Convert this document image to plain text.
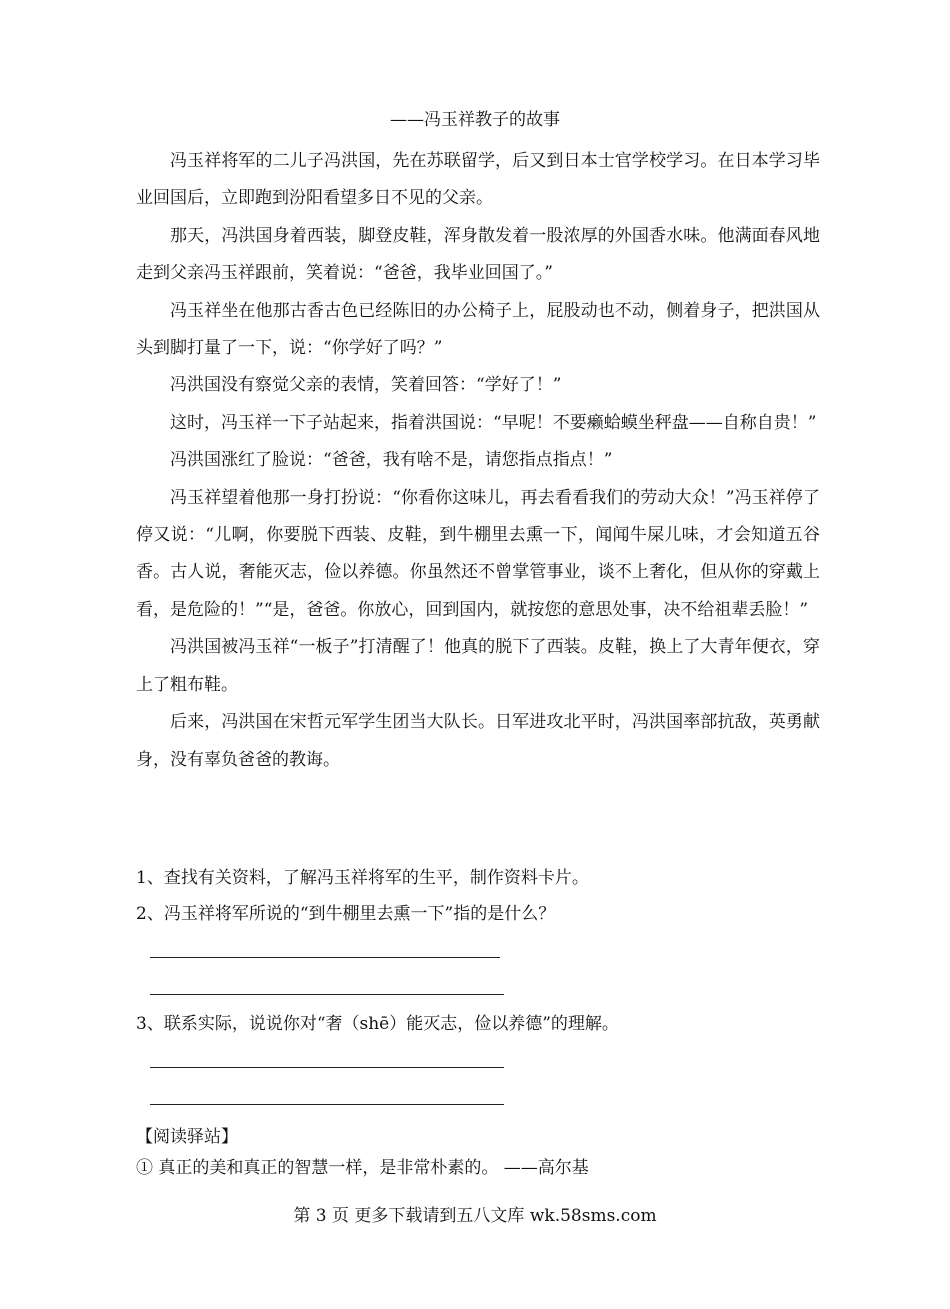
——冯玉祥教子的故事

冯玉祥将军的二儿子冯洪国，先在苏联留学，后又到日本士官学校学习。在日本学习毕业回国后，立即跑到汾阳看望多日不见的父亲。

那天，冯洪国身着西装，脚登皮鞋，浑身散发着一股浓厚的外国香水味。他满面春风地走到父亲冯玉祥跟前，笑着说：“爸爸，我毕业回国了。”

冯玉祥坐在他那古香古色已经陈旧的办公椅子上，屁股动也不动，侧着身子，把洪国从头到脚打量了一下，说：“你学好了吗？”

冯洪国没有察觉父亲的表情，笑着回答：“学好了！”

这时，冯玉祥一下子站起来，指着洪国说：“早呢！不要癞蛤蟆坐秤盘——自称自贵！”

冯洪国涨红了脸说：“爸爸，我有啥不是，请您指点指点！”

冯玉祥望着他那一身打扮说：“你看你这味儿，再去看看我们的劳动大众！”冯玉祥停了停又说：“儿啊，你要脱下西装、皮鞋，到牛棚里去熏一下，闻闻牛屎儿味，才会知道五谷香。古人说，奢能灭志，俭以养德。你虽然还不曾掌管事业，谈不上奢化，但从你的穿戴上看，是危险的！”“是，爸爸。你放心，回到国内，就按您的意思处事，决不给祖辈丢脸！”

冯洪国被冯玉祥“一板子”打清醒了！他真的脱下了西装。皮鞋，换上了大青年便衣，穿上了粗布鞋。

后来，冯洪国在宋哲元军学生团当大队长。日军进攻北平时，冯洪国率部抗敌，英勇献身，没有辜负爸爸的教诲。

1、查找有关资料，了解冯玉祥将军的生平，制作资料卡片。
2、冯玉祥将军所说的“到牛棚里去熏一下”指的是什么？
3、联系实际，说说你对“奢（shē）能灭志，俭以养德”的理解。
【阅读驿站】
① 真正的美和真正的智慧一样，是非常朴素的。 ——高尔基
第 3 页 更多下载请到五八文库 wk.58sms.com
